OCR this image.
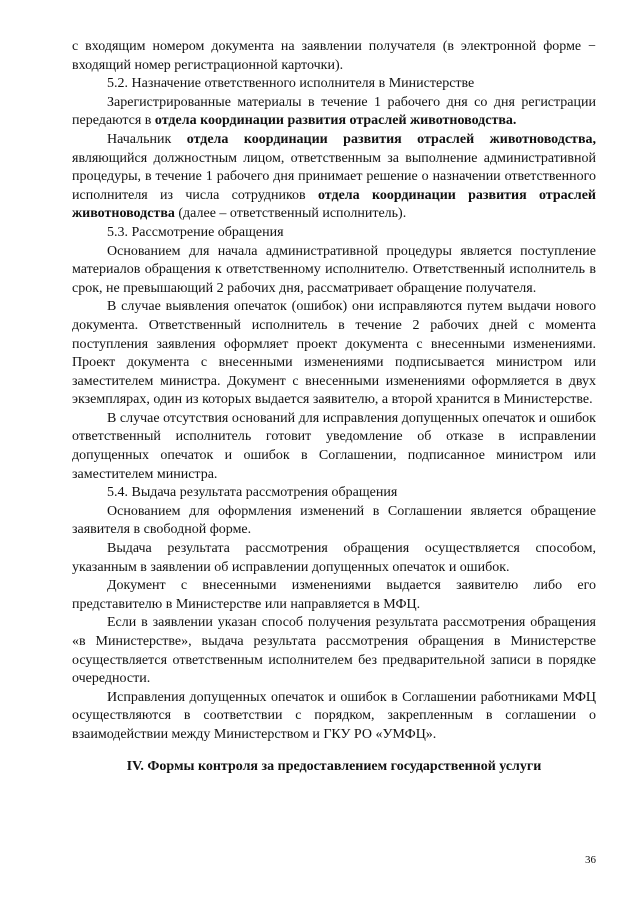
с входящим номером документа на заявлении получателя (в электронной форме − входящий номер регистрационной карточки).

5.2. Назначение ответственного исполнителя в Министерстве

Зарегистрированные материалы в течение 1 рабочего дня со дня регистрации передаются в отдела координации развития отраслей животноводства.

Начальник отдела координации развития отраслей животноводства, являющийся должностным лицом, ответственным за выполнение административной процедуры, в течение 1 рабочего дня принимает решение о назначении ответственного исполнителя из числа сотрудников отдела координации развития отраслей животноводства (далее – ответственный исполнитель).

5.3. Рассмотрение обращения

Основанием для начала административной процедуры является поступление материалов обращения к ответственному исполнителю. Ответственный исполнитель в срок, не превышающий 2 рабочих дня, рассматривает обращение получателя.

В случае выявления опечаток (ошибок) они исправляются путем выдачи нового документа. Ответственный исполнитель в течение 2 рабочих дней с момента поступления заявления оформляет проект документа с внесенными изменениями. Проект документа с внесенными изменениями подписывается министром или заместителем министра. Документ с внесенными изменениями оформляется в двух экземплярах, один из которых выдается заявителю, а второй хранится в Министерстве.

В случае отсутствия оснований для исправления допущенных опечаток и ошибок ответственный исполнитель готовит уведомление об отказе в исправлении допущенных опечаток и ошибок в Соглашении, подписанное министром или заместителем министра.

5.4. Выдача результата рассмотрения обращения

Основанием для оформления изменений в Соглашении является обращение заявителя в свободной форме.

Выдача результата рассмотрения обращения осуществляется способом, указанным в заявлении об исправлении допущенных опечаток и ошибок.

Документ с внесенными изменениями выдается заявителю либо его представителю в Министерстве или направляется в МФЦ.

Если в заявлении указан способ получения результата рассмотрения обращения «в Министерстве», выдача результата рассмотрения обращения в Министерстве осуществляется ответственным исполнителем без предварительной записи в порядке очередности.

Исправления допущенных опечаток и ошибок в Соглашении работниками МФЦ осуществляются в соответствии с порядком, закрепленным в соглашении о взаимодействии между Министерством и ГКУ РО «УМФЦ».

IV. Формы контроля за предоставлением государственной услуги
36
